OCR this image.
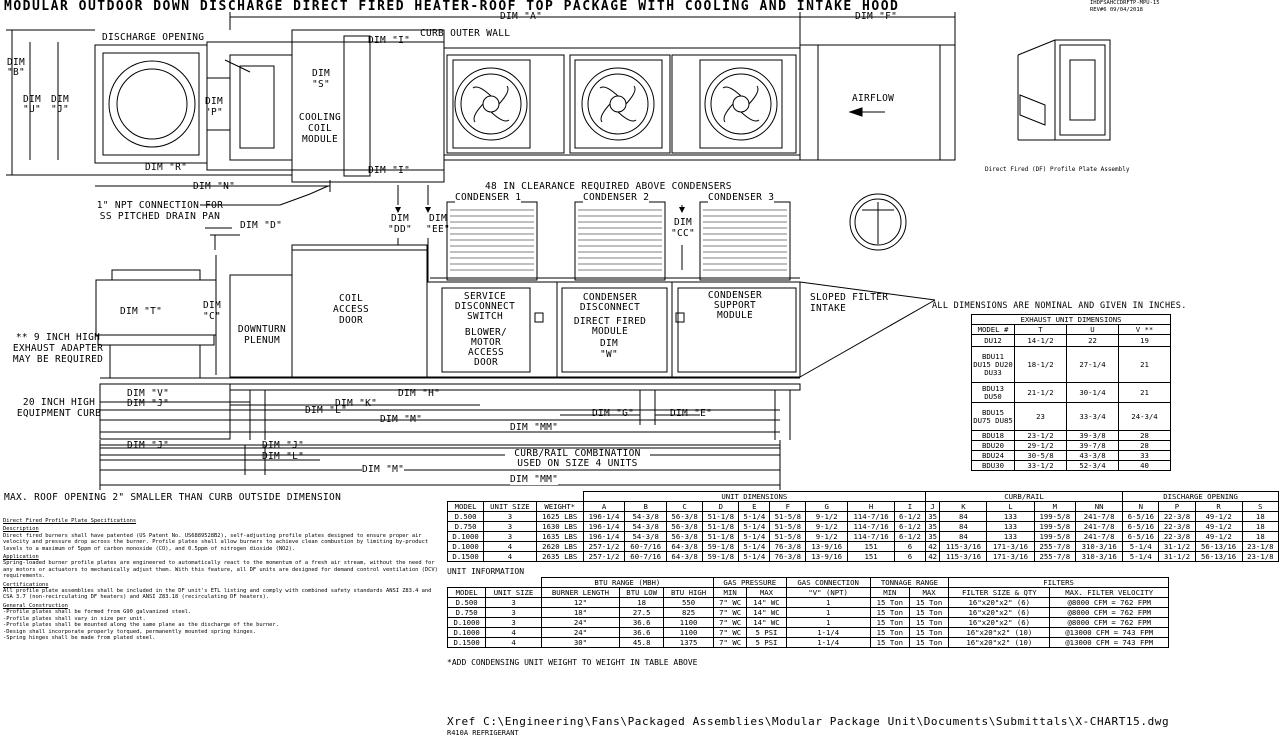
MODULAR OUTDOOR DOWN DISCHARGE DIRECT FIRED HEATER-ROOF TOP PACKAGE WITH COOLING AND INTAKE HOOD	IHDFSAHCCDRFTP-MPU-15
REV#6 09/04/2018
DIM "A"	DIM "F"
DIM "B"
DIM "U"
DIM "J"
DISCHARGE OPENING	DIM "I"
CURB OUTER WALL
DIM "S"
DIM "P"	COOLING COIL MODULE
AIRFLOW
DIM "R"	DIM "I"
DIM "N"
1" NPT CONNECTION FOR SS PITCHED DRAIN PAN
48 IN CLEARANCE REQUIRED ABOVE CONDENSERS
DIM "D"
DIM "DD"
DIM "EE"
DIM "CC"
Direct Fired (DF) Profile Plate Assembly
CONDENSER 1	CONDENSER 2	CONDENSER 3
DIM "T"
DIM "C"
DOWNTURN PLENUM
COIL ACCESS DOOR
SERVICE DISCONNECT SWITCH
BLOWER/ MOTOR ACCESS DOOR
CONDENSER DISCONNECT
DIRECT FIRED MODULE
DIM "W"
CONDENSER SUPPORT MODULE
SLOPED FILTER INTAKE
** 9 INCH HIGH EXHAUST ADAPTER MAY BE REQUIRED
20 INCH HIGH EQUIPMENT CURB
DIM "V"
DIM "J"
DIM "H"
DIM "L"
DIM "K"
DIM "M"
DIM "G"	DIM "E"
DIM "MM"
DIM "J"	DIM "J"
DIM "L"
DIM "M"
DIM "MM"
CURB/RAIL COMBINATION USED ON SIZE 4 UNITS
ALL DIMENSIONS ARE NOMINAL AND GIVEN IN INCHES.
MAX. ROOF OPENING 2" SMALLER THAN CURB OUTSIDE DIMENSION
EXHAUST UNIT DIMENSIONS			
MODEL #	T	U	V **
DU12	14-1/2	22	19
BDU11 DU15 DU20 DU33	18-1/2	27-1/4	21
BDU13 DU50	21-1/2	30-1/4	21
BDU15 DU75 DU85	23	33-3/4	24-3/4
BDU18	23-1/2	39-3/8	28
BDU20	29-1/2	39-7/8	28
BDU24	30-5/8	43-3/8	33
BDU30	33-1/2	52-3/4	40
			UNIT DIMENSIONS									CURB/RAIL					DISCHARGE OPENING			
MODEL	UNIT SIZE	WEIGHT*	A	B	C	D	E	F	G	H	I	J	K	L	M	NN	N	P	R	S
D.500	3	1625 LBS	196-1/4	54-3/8	56-3/8	51-1/8	5-1/4	51-5/8	9-1/2	114-7/16	6-1/2	35	84	133	199-5/8	241-7/8	6-5/16	22-3/8	49-1/2	18
D.750	3	1630 LBS	196-1/4	54-3/8	56-3/8	51-1/8	5-1/4	51-5/8	9-1/2	114-7/16	6-1/2	35	84	133	199-5/8	241-7/8	6-5/16	22-3/8	49-1/2	18
D.1000	3	1635 LBS	196-1/4	54-3/8	56-3/8	51-1/8	5-1/4	51-5/8	9-1/2	114-7/16	6-1/2	35	84	133	199-5/8	241-7/8	6-5/16	22-3/8	49-1/2	18
D.1000	4	2620 LBS	257-1/2	60-7/16	64-3/8	59-1/8	5-1/4	76-3/8	13-9/16	151	6	42	115-3/16	171-3/16	255-7/8	310-3/16	5-1/4	31-1/2	56-13/16	23-1/8
D.1500	4	2635 LBS	257-1/2	60-7/16	64-3/8	59-1/8	5-1/4	76-3/8	13-9/16	151	6	42	115-3/16	171-3/16	255-7/8	310-3/16	5-1/4	31-1/2	56-13/16	23-1/8
UNIT INFORMATION
		BTU RANGE (MBH)			GAS PRESSURE		GAS CONNECTION	TONNAGE RANGE		FILTERS	
MODEL	UNIT SIZE	BURNER LENGTH	BTU LOW	BTU HIGH	MIN	MAX	"V" (NPT)	MIN	MAX	FILTER SIZE & QTY	MAX. FILTER VELOCITY
D.500	3	12"	18	550	7" WC	14" WC	1	15 Ton	15 Ton	16"x20"x2" (6)	@8000 CFM = 762 FPM
D.750	3	18"	27.5	825	7" WC	14" WC	1	15 Ton	15 Ton	16"x20"x2" (6)	@8000 CFM = 762 FPM
D.1000	3	24"	36.6	1100	7" WC	14" WC	1	15 Ton	15 Ton	16"x20"x2" (6)	@8000 CFM = 762 FPM
D.1000	4	24"	36.6	1100	7" WC	5 PSI	1-1/4	15 Ton	15 Ton	16"x20"x2" (10)	@13000 CFM = 743 FPM
D.1500	4	30"	45.8	1375	7" WC	5 PSI	1-1/4	15 Ton	15 Ton	16"x20"x2" (10)	@13000 CFM = 743 FPM
*ADD CONDENSING UNIT WEIGHT TO WEIGHT IN TABLE ABOVE
Direct Fired Profile Plate Specifications
Description
Direct fired burners shall have patented (US Patent No. US6889528B2), self-adjusting profile plates designed to ensure proper air velocity and pressure drop across the burner. Profile plates shall allow burners to achieve clean combustion by limiting by-product levels to a maximum of 5ppm of carbon monoxide (CO), and 0.5ppm of nitrogen dioxide (NO2).
Application
Spring-loaded burner profile plates are engineered to automatically react to the momentum of a fresh air stream, without the need for any motors or actuators to mechanically adjust them. With this feature, all DF units are designed for demand control ventilation (DCV) requirements.
Certifications
All profile plate assemblies shall be included in the DF unit's ETL listing and comply with combined safety standards ANSI Z83.4 and CSA 3.7 (non-recirculating DF heaters) and ANSI Z83.18 (recirculating DF heaters).
General Construction
-Profile plates shall be formed from G90 galvanized steel.
-Profile plates shall vary in size per unit.
-Profile plates shall be mounted along the same plane as the discharge of the burner.
-Design shall incorporate properly torqued, permanently mounted spring hinges.
-Spring hinges shall be made from plated steel.
Xref C:\Engineering\Fans\Packaged Assemblies\Modular Package Unit\Documents\Submittals\X-CHART15.dwg
R410A REFRIGERANT
